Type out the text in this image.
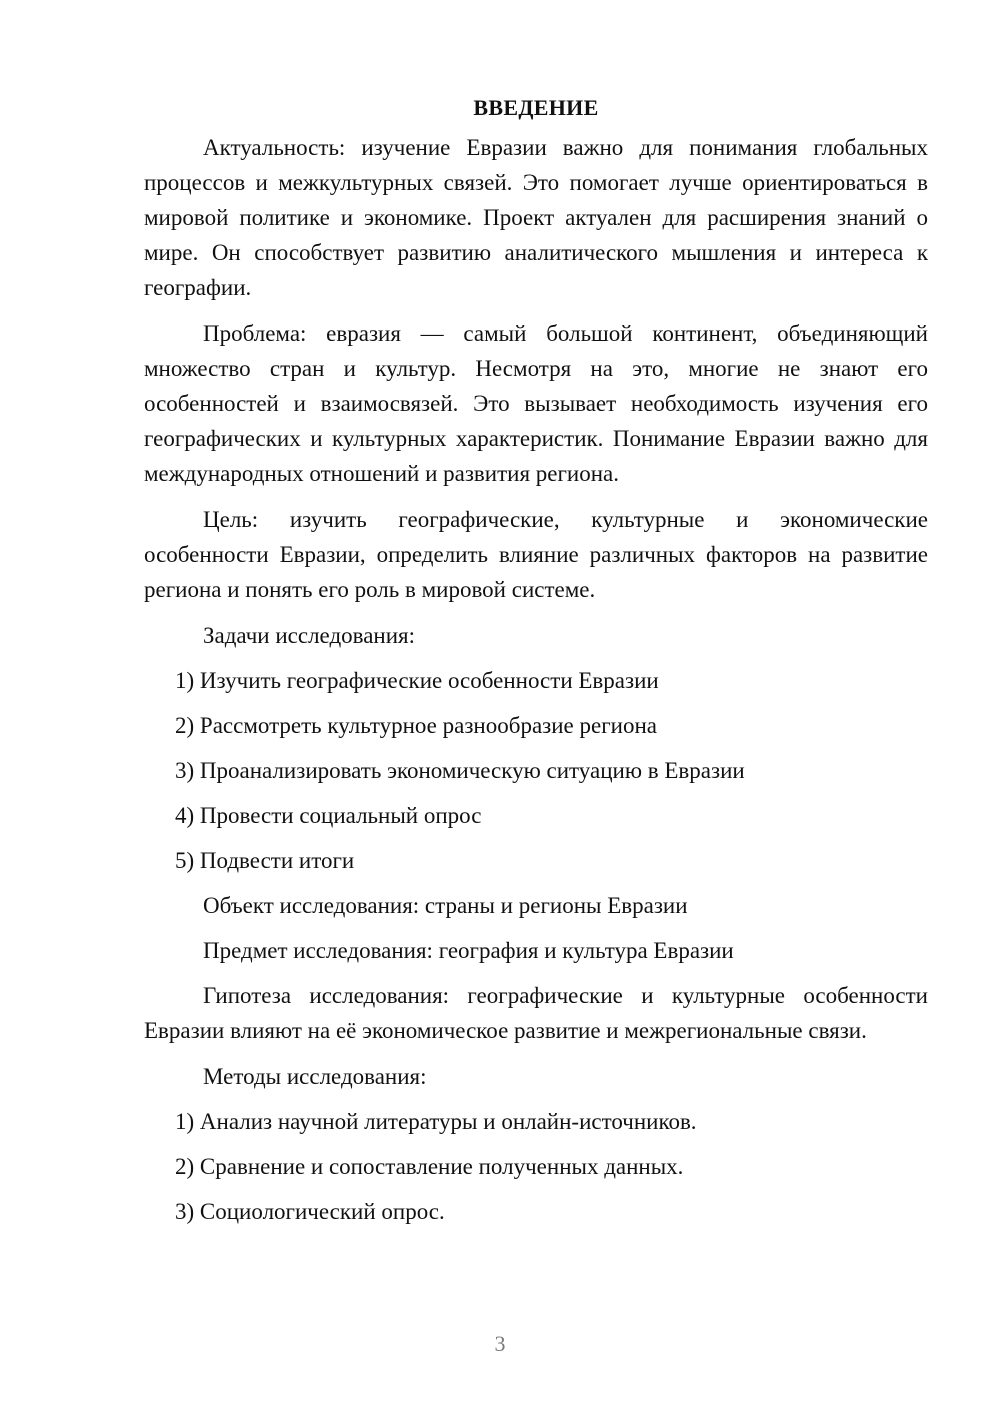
ВВЕДЕНИЕ
Актуальность: изучение Евразии важно для понимания глобальных процессов и межкультурных связей. Это помогает лучше ориентироваться в мировой политике и экономике. Проект актуален для расширения знаний о мире. Он способствует развитию аналитического мышления и интереса к географии.
Проблема: евразия — самый большой континент, объединяющий множество стран и культур. Несмотря на это, многие не знают его особенностей и взаимосвязей. Это вызывает необходимость изучения его географических и культурных характеристик. Понимание Евразии важно для международных отношений и развития региона.
Цель: изучить географические, культурные и экономические особенности Евразии, определить влияние различных факторов на развитие региона и понять его роль в мировой системе.
Задачи исследования:
1) Изучить географические особенности Евразии
2) Рассмотреть культурное разнообразие региона
3) Проанализировать экономическую ситуацию в Евразии
4) Провести социальный опрос
5) Подвести итоги
Объект исследования: страны и регионы Евразии
Предмет исследования: география и культура Евразии
Гипотеза исследования: географические и культурные особенности Евразии влияют на её экономическое развитие и межрегиональные связи.
Методы исследования:
1) Анализ научной литературы и онлайн-источников.
2) Сравнение и сопоставление полученных данных.
3) Социологический опрос.
3
